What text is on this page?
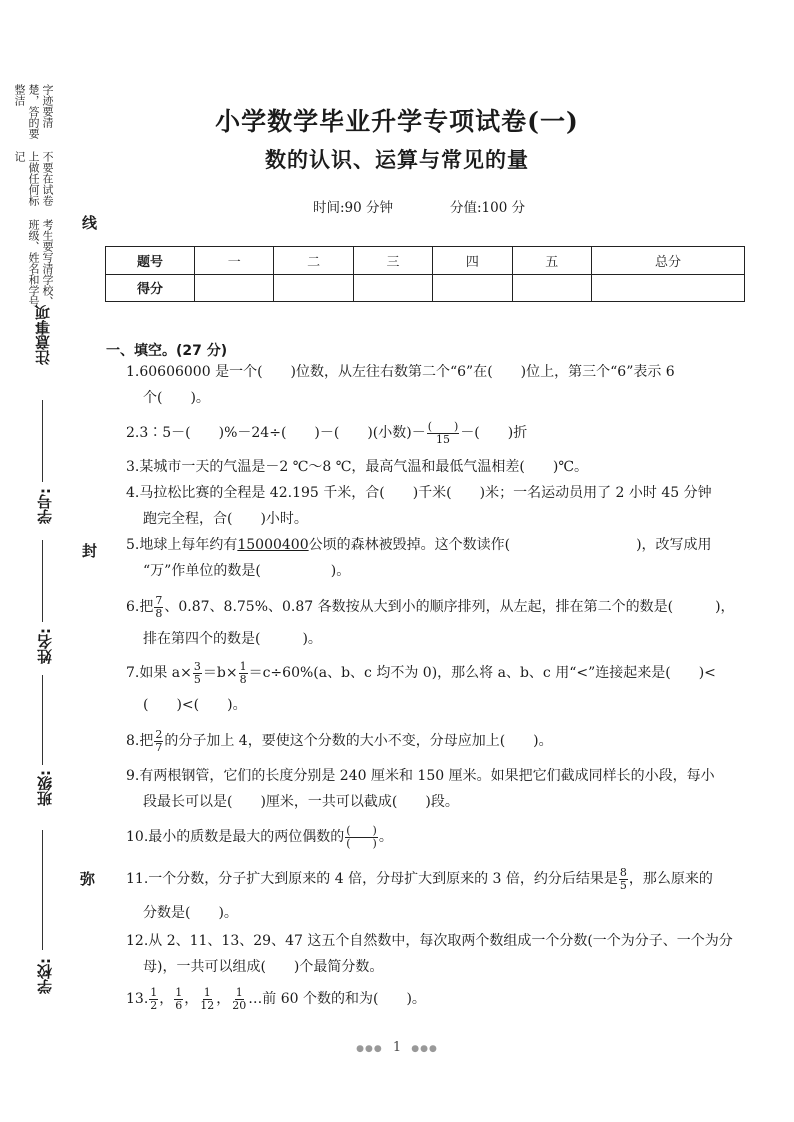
考生要写清学校、班级、姓名和学号
不要在试卷上做任何标记
字迹要清楚，答的要整洁
注意事项
学号:
姓名:
班级:
学校:
线
封
弥
小学数学毕业升学专项试卷(一)
数的认识、运算与常见的量
时间:90 分钟	分值:100 分
题号	一	二	三	四	五	总分
得分						
一、填空。(27 分)
1.60606000 是一个(　　)位数，从左往右数第二个“6”在(　　)位上，第三个“6”表示 6
个(　　)。
2.3∶5－(　　)%－24÷(　　)－(　　)(小数)－ $\frac{( )}{15}$ －(　　)折
3.某城市一天的气温是－2 ℃～8 ℃，最高气温和最低气温相差(　　)℃。
4.马拉松比赛的全程是 42.195 千米，合(　　)千米(　　)米；一名运动员用了 2 小时 45 分钟
跑完全程，合(　　)小时。
5.地球上每年约有15000400公顷的森林被毁掉。这个数读作(　　　　　　　　　)，改写成用
“万”作单位的数是(　　　　　)。
6.把 $\frac{7}{8}$ 、0.8̇7̇、8.75%、0.87̇ 各数按从大到小的顺序排列，从左起，排在第二个的数是(　　　)，
排在第四个的数是(　　　)。
7.如果 $a\times \frac{3}{5} =b\times \frac{1}{8} =c\div 60\%(a$、b、c 均不为 0)，那么将 a、b、c 用“<”连接起来是(　　)<
(　　)<(　　)。
8.把 $\frac{2}{7}$ 的分子加上 4，要使这个分数的大小不变，分母应加上(　　)。
9.有两根钢管，它们的长度分别是 240 厘米和 150 厘米。如果把它们截成同样长的小段，每小
段最长可以是(　　)厘米，一共可以截成(　　)段。
10.最小的质数是最大的两位偶数的 $\frac{( )}{( )}$ 。
11.一个分数，分子扩大到原来的 4 倍，分母扩大到原来的 3 倍，约分后结果是 $\frac{8}{5}$ ，那么原来的
分数是(　　)。
12.从 2、11、13、29、47 这五个自然数中，每次取两个数组成一个分数(一个为分子、一个为分
母)，一共可以组成(　　)个最简分数。
13. $\frac{1}{2}$ ， $\frac{1}{6}$ ， $\frac{1}{12}$ ， $\frac{1}{20}$ …前 60 个数的和为(　　)。
●●● 1 ●●●
